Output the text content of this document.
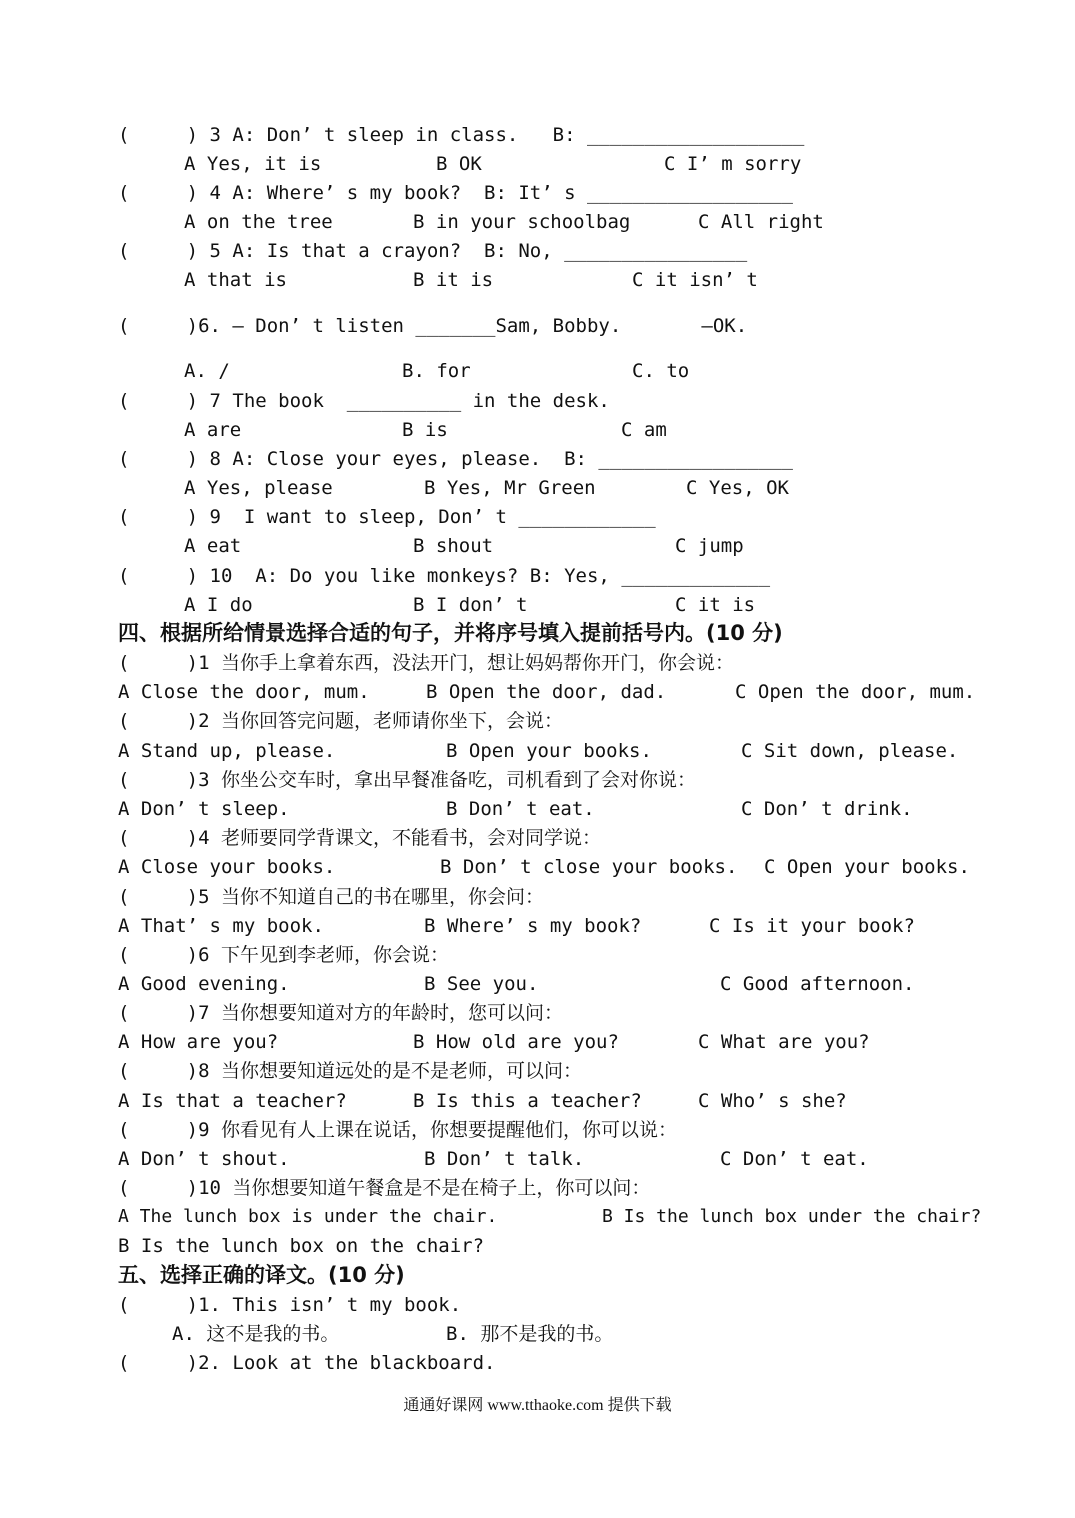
(     ) 3 A: Don’ t sleep in class.   B: ___________________
A Yes, it is	B OK	C I’ m sorry
(     ) 4 A: Where’ s my book?  B: It’ s __________________
A on the tree	B in your schoolbag	C All right
(     ) 5 A: Is that a crayon?  B: No, ________________
A that is	B it is	C it isn’ t
(     )6. — Don’ t listen _______Sam, Bobby.       —OK.
A. /	B. for	C. to
(     ) 7 The book  __________ in the desk.
A are	B is	C am
(     ) 8 A: Close your eyes, please.  B: _________________
A Yes, please	B Yes, Mr Green	C Yes, OK
(     ) 9  I want to sleep, Don’ t ____________
A eat	B shout	C jump
(     ) 10  A: Do you like monkeys? B: Yes, _____________
A I do	B I don’ t	C it is
四、根据所给情景选择合适的句子，并将序号填入提前括号内。(10 分)
(     )1 当你手上拿着东西，没法开门，想让妈妈帮你开门，你会说：
A Close the door, mum.	B Open the door, dad.	C Open the door, mum.
(     )2 当你回答完问题，老师请你坐下，会说：
A Stand up, please.	B Open your books.	C Sit down, please.
(     )3 你坐公交车时，拿出早餐准备吃，司机看到了会对你说：
A Don’ t sleep.	B Don’ t eat.	C Don’ t drink.
(     )4 老师要同学背课文，不能看书，会对同学说：
A Close your books.	B Don’ t close your books. C Open your books.
(     )5 当你不知道自己的书在哪里，你会问：
A That’ s my book.	B Where’ s my book?	C Is it your book?
(     )6 下午见到李老师，你会说：
A Good evening.	B See you.	C Good afternoon.
(     )7 当你想要知道对方的年龄时，您可以问：
A How are you?	B How old are you?	C What are you?
(     )8 当你想要知道远处的是不是老师，可以问：
A Is that a teacher?	B Is this a teacher?	C Who’ s she?
(     )9 你看见有人上课在说话，你想要提醒他们，你可以说：
A Don’ t shout.	B Don’ t talk.	C Don’ t eat.
(     )10 当你想要知道午餐盒是不是在椅子上，你可以问：
A The lunch box is under the chair.	B Is the lunch box under the chair?
B Is the lunch box on the chair?
五、选择正确的译文。(10 分)
(     )1. This isn’ t my book.
A. 这不是我的书。	B. 那不是我的书。
(     )2. Look at the blackboard.
通通好课网 www.tthaoke.com 提供下载
